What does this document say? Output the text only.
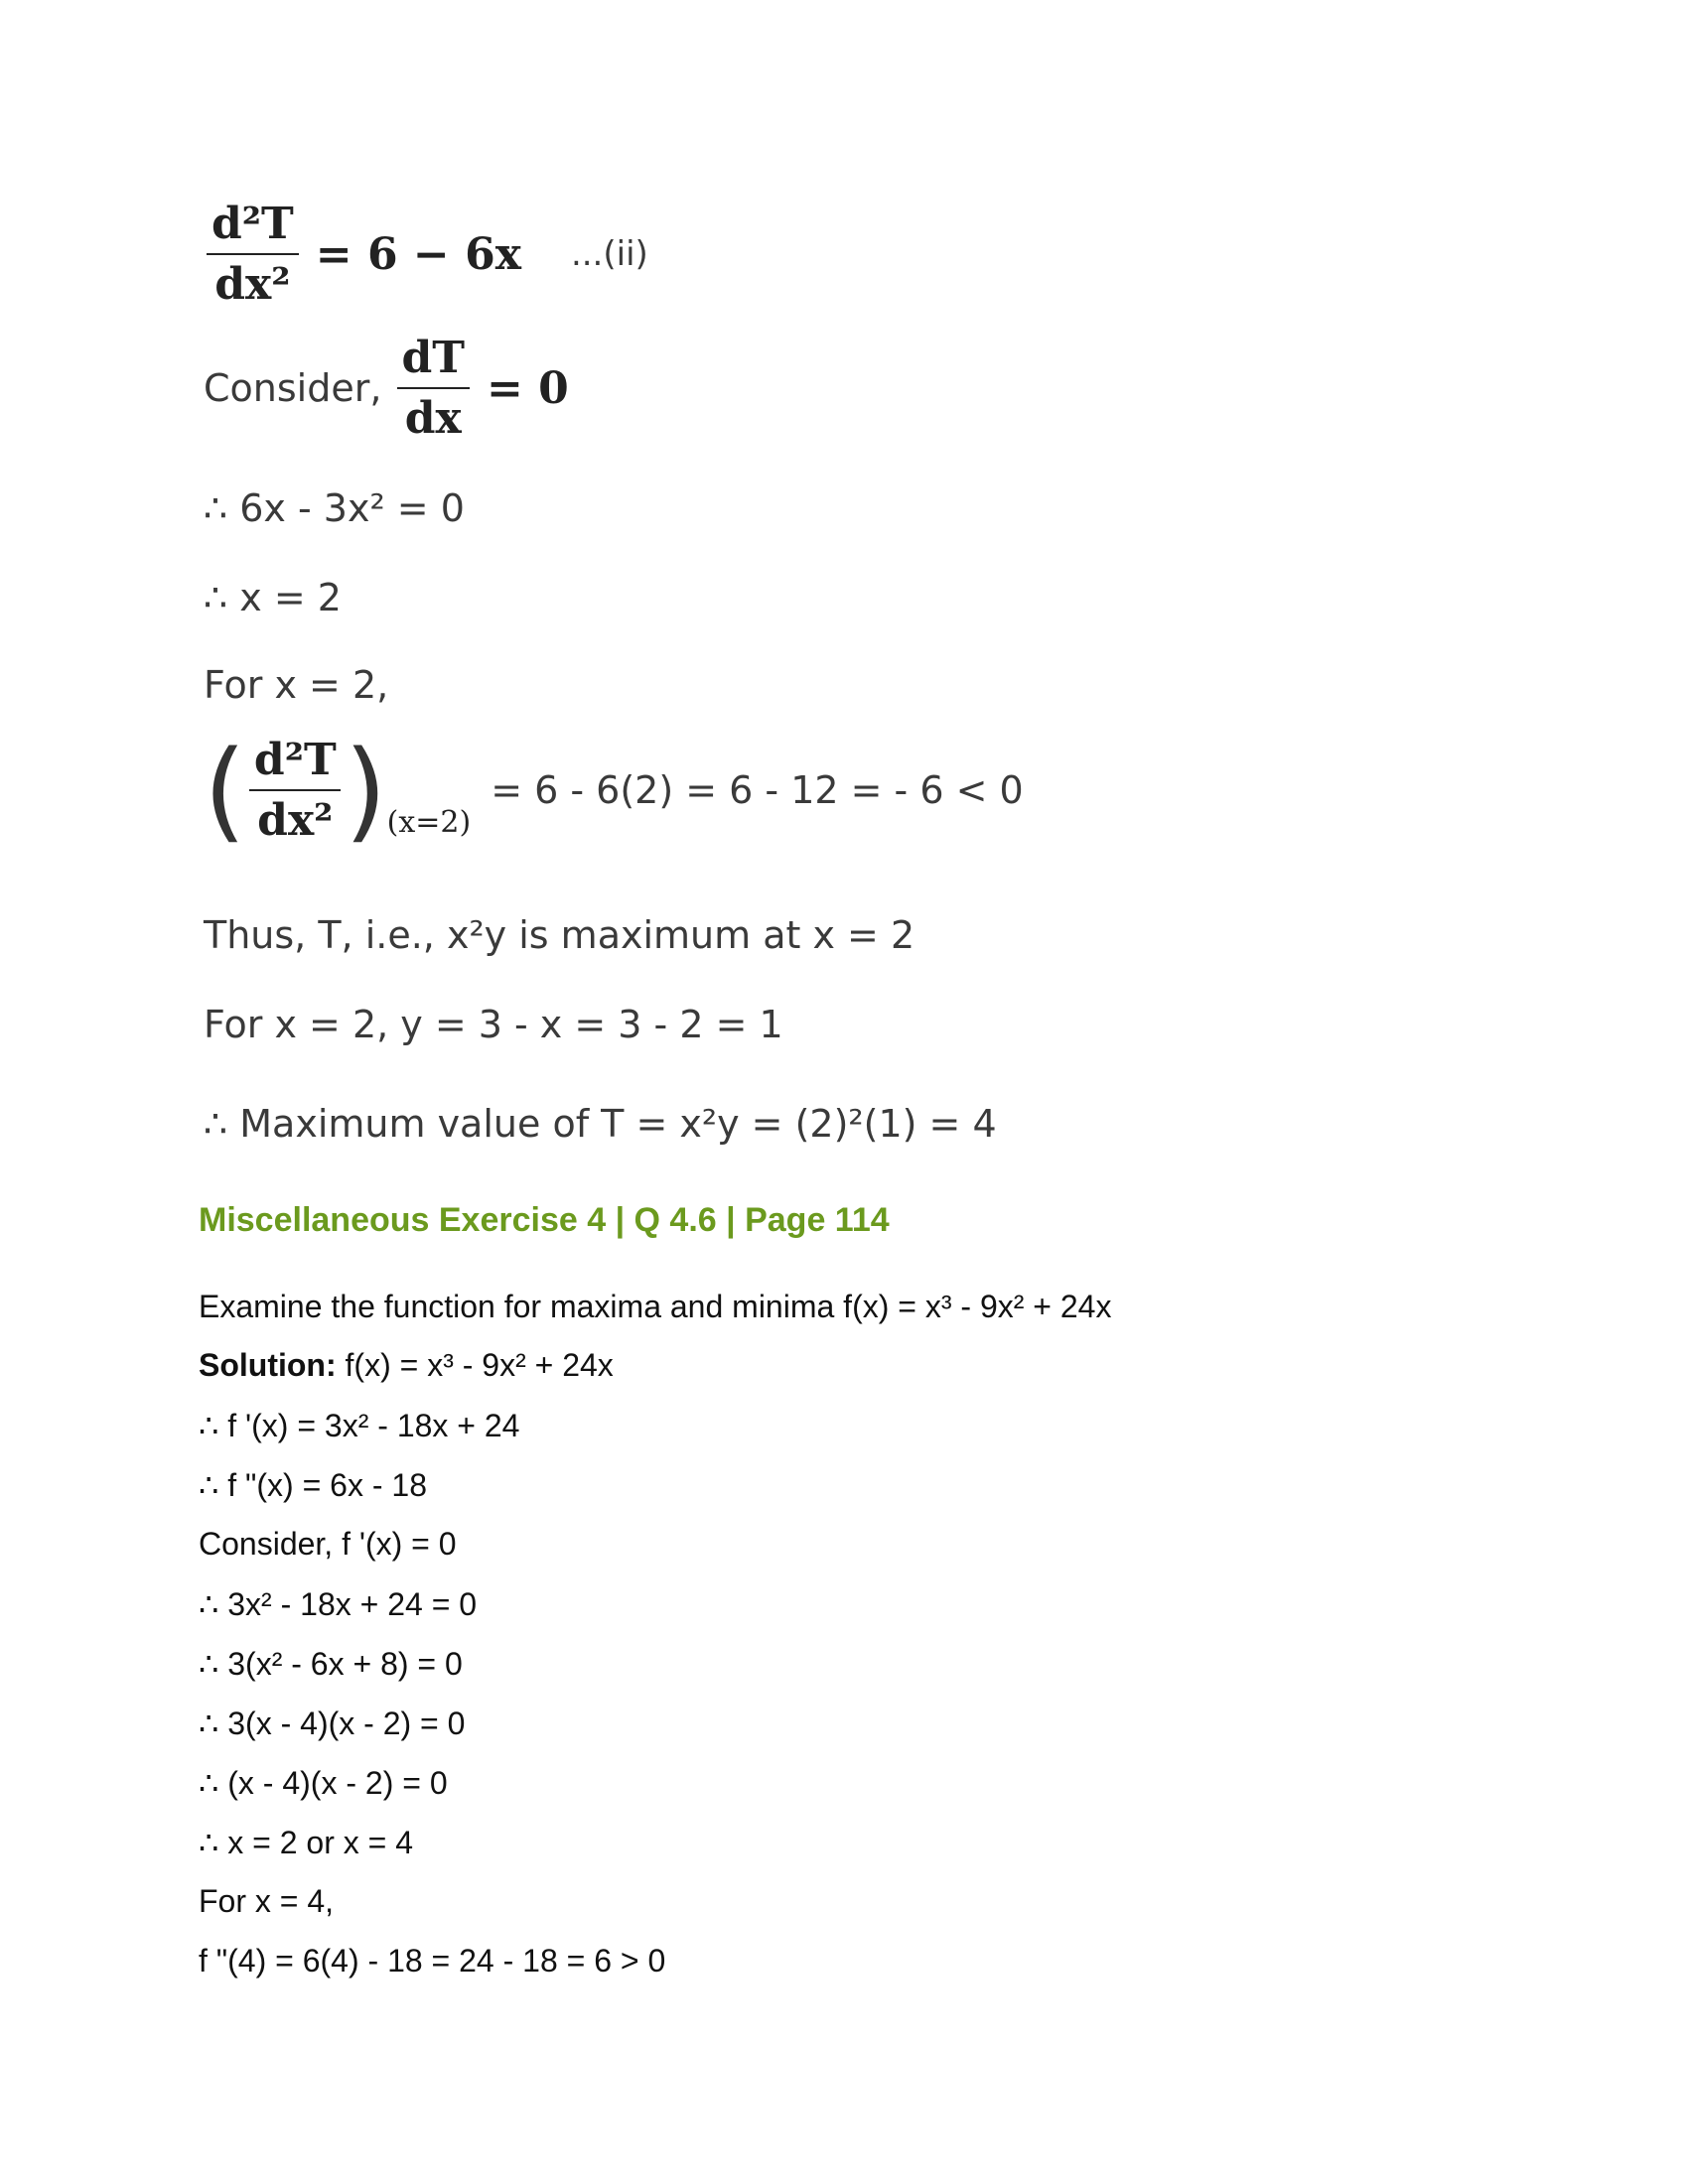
$\frac{\text{d²T}}{\text{dx²}} = 6 - 6x$ ...(ii)
Consider, $\frac{dT}{dx} = 0$
∴ 6x - 3x² = 0
∴ x = 2
For x = 2,
( $\frac{\text{d²T}}{\text{dx²}}$ ) (x=2)
= 6 - 6(2) = 6 - 12 = - 6 < 0
Thus, T, i.e., x²y is maximum at x = 2
For x = 2, y = 3 - x = 3 - 2 = 1
∴ Maximum value of T = x²y = (2)²(1) = 4
Miscellaneous Exercise 4 | Q 4.6 | Page 114
Examine the function for maxima and minima f(x) = x³ - 9x² + 24x
Solution: f(x) = x³ - 9x² + 24x
∴ f '(x) = 3x² - 18x + 24
∴ f "(x) = 6x - 18
Consider, f '(x) = 0
∴ 3x² - 18x + 24 = 0
∴ 3(x² - 6x + 8) = 0
∴ 3(x - 4)(x - 2) = 0
∴ (x - 4)(x - 2) = 0
∴ x = 2 or x = 4
For x = 4,
f "(4) = 6(4) - 18 = 24 - 18 = 6 > 0
